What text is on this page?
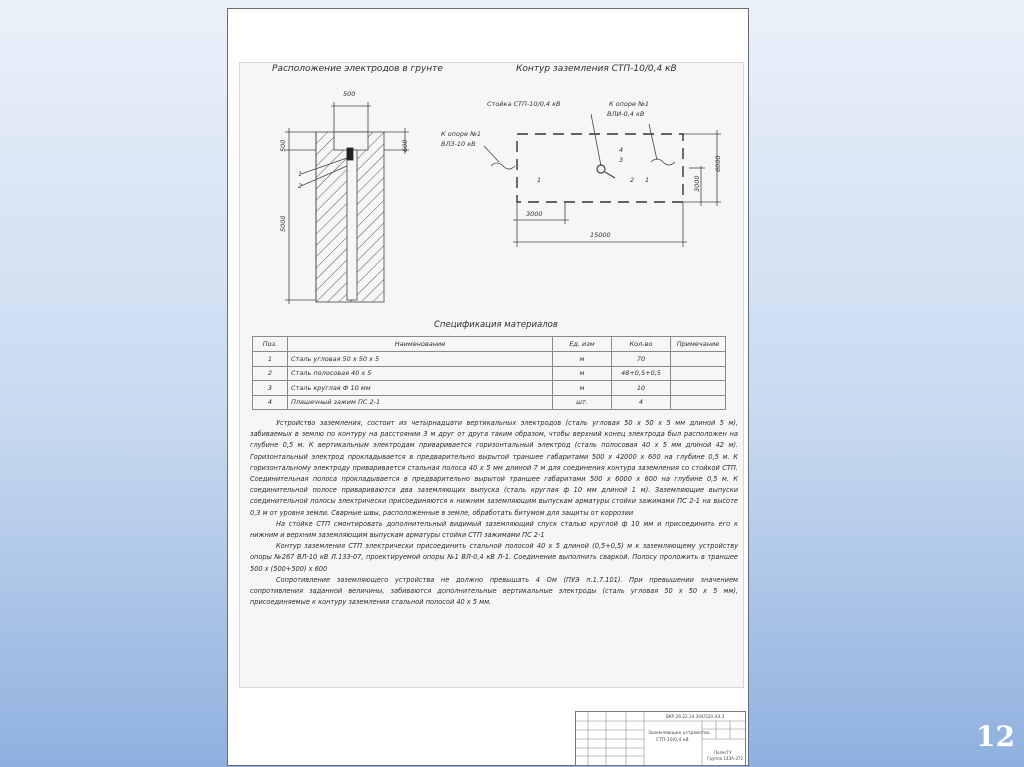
Расположение электродов в грунте	Контур заземления СТП-10/0,4 кВ
500
500	600
5000
1
2
Стойка СТП-10/0,4 кВ	К опоре №1
ВЛИ-0,4 кВ
К опоре №1
ВЛЗ-10 кВ
3000
15000
6000
3000
1	2
3
4
1
Спецификация материалов
Поз.	Наименование	Ед. изм	Кол-во	Примечание
1	Сталь угловая 50 х 50 х 5	м	70	
2	Сталь полосовая 40 х 5	м	48+0,5+0,5	
3	Сталь круглая Ф 10 мм	м	10	
4	Плашечный зажим ПС 2-1	шт.	4	

Устройство заземления, состоит из четырнадцати вертикальных электродов (сталь угловая 50 х 50 х 5 мм длиной 5 м), забиваемых в землю по контуру на расстоянии 3 м друг от друга таким образом, чтобы верхний конец электрода был расположен на глубине 0,5 м. К вертикальным электродам приваривается горизонтальный электрод (сталь полосовая 40 х 5 мм длиной 42 м). Горизонтальный электрод прокладывается в предварительно вырытой траншее габаритами 500 х 42000 х 600 на глубине 0,5 м. К горизонтальному электроду приваривается стальная полоса 40 х 5 мм длиной 7 м для соединения контура заземления со стойкой СТП. Соединительная полоса прокладывается в предварительно вырытой траншее габаритами 500 х 6000 х 600 на глубине 0,5 м. К соединительной полосе привариваются два заземляющих выпуска (сталь круглая ф 10 мм длиной 1 м). Заземляющие выпуски соединительной полосы электрически присоединяются к нижним заземляющим выпускам арматуры стойки зажимами ПС 2-1 на высоте 0,3 м от уровня земли. Сварные швы, расположенные в земле, обработать битумом для защиты от коррозии

На стойке СТП смонтировать дополнительный видимый заземляющий спуск сталью круглой ф 10 мм и присоединить его к нижним и верхним заземляющим выпускам арматуры стойки СТП зажимами ПС 2-1

Контур заземления СТП электрически присоединить стальной полосой 40 х 5 длиной (0,5+0,5) м к заземляющему устройству опоры №267 ВЛ-10 кВ Л.133-07, проектируемой опоры №1 ВЛ-0,4 кВ Л-1. Соединение выполнить сваркой. Полосу проложить в траншее 500 х (500+500) х 600

Сопротивление заземляющего устройства не должно превышать 4 Ом (ПУЭ п.1.7.101). При превышении значением сопротивления заданной величины, забиваются дополнительные вертикальные электроды (сталь угловая 50 х 50 х 5 мм), присоединяемые к контуру заземления стальной полосой 40 х 5 мм.

ВКР.26.22.14.304/520.ЭЭ.З
Заземляющее устройство
СТП-10/0,4 кВ
ПолесГУ
Группа 14ЭА-372
12
